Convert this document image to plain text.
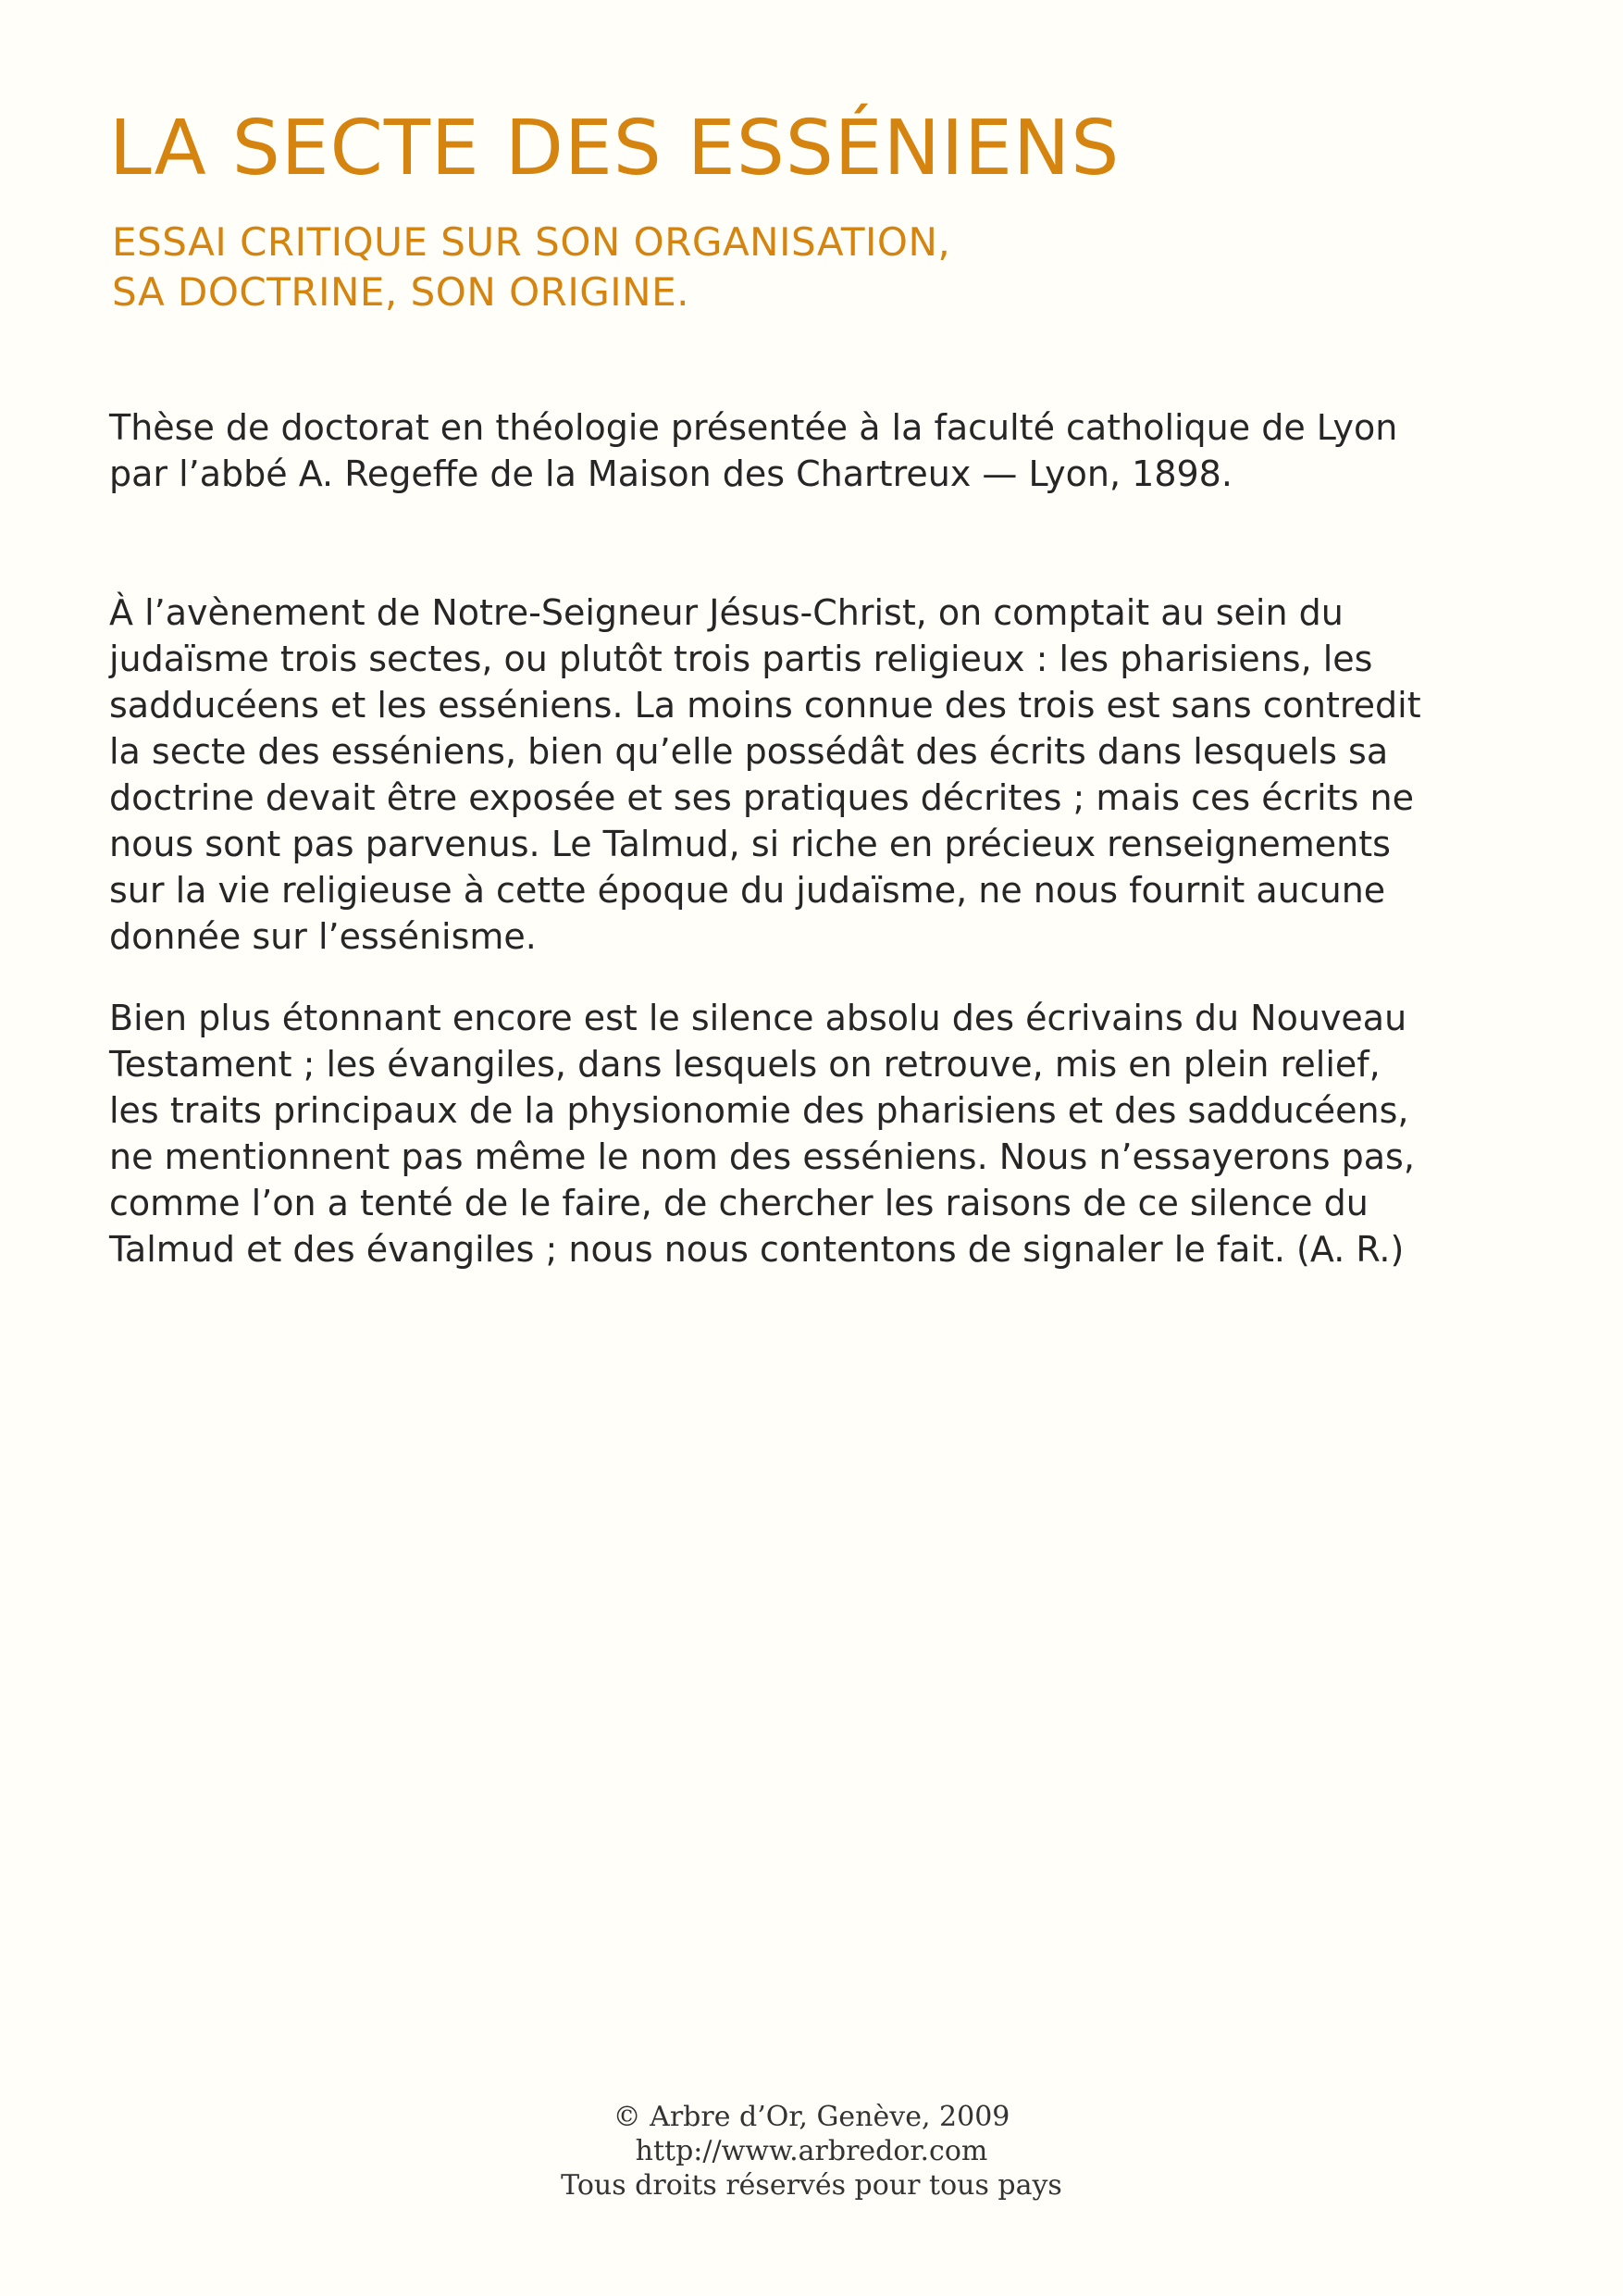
LA SECTE DES ESSÉNIENS
ESSAI CRITIQUE SUR SON ORGANISATION,
SA DOCTRINE, SON ORIGINE.

Thèse de doctorat en théologie présentée à la faculté catholique de Lyon
par l’abbé A. Regeffe de la Maison des Chartreux — Lyon, 1898.

À l’avènement de Notre-Seigneur Jésus-Christ, on comptait au sein du
judaïsme trois sectes, ou plutôt trois partis religieux : les pharisiens, les
sadducéens et les esséniens. La moins connue des trois est sans contredit
la secte des esséniens, bien qu’elle possédât des écrits dans lesquels sa
doctrine devait être exposée et ses pratiques décrites ; mais ces écrits ne
nous sont pas parvenus. Le Talmud, si riche en précieux renseignements
sur la vie religieuse à cette époque du judaïsme, ne nous fournit aucune
donnée sur l’essénisme.

Bien plus étonnant encore est le silence absolu des écrivains du Nouveau
Testament ; les évangiles, dans lesquels on retrouve, mis en plein relief,
les traits principaux de la physionomie des pharisiens et des sadducéens,
ne mentionnent pas même le nom des esséniens. Nous n’essayerons pas,
comme l’on a tenté de le faire, de chercher les raisons de ce silence du
Talmud et des évangiles ; nous nous contentons de signaler le fait. (A. R.)

© Arbre d’Or, Genève, 2009
http://www.arbredor.com
Tous droits réservés pour tous pays
